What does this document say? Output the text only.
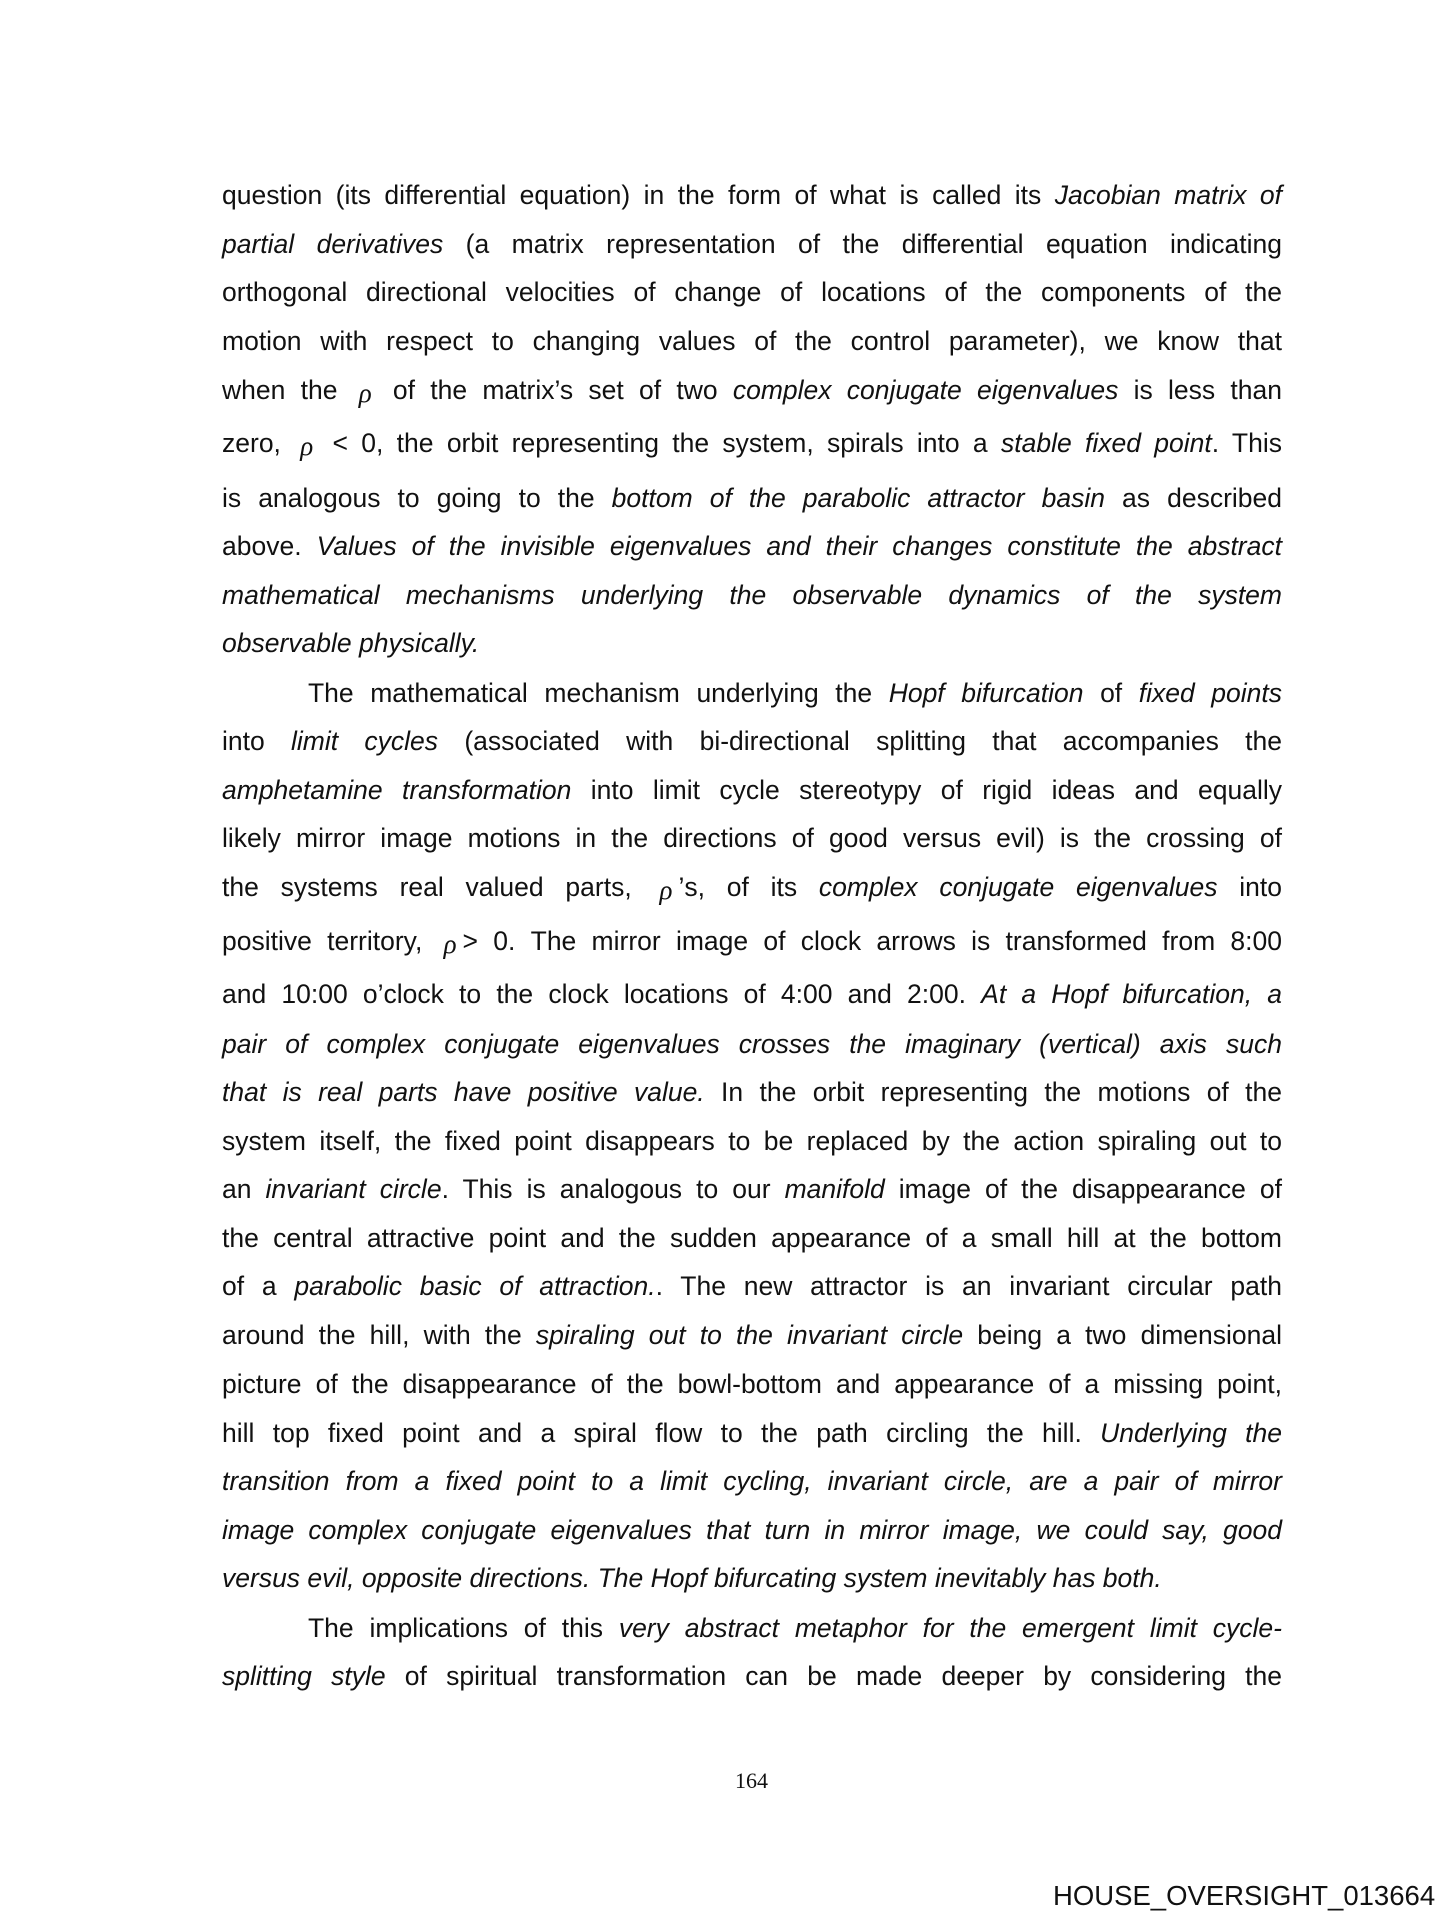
question (its differential equation) in the form of what is called its Jacobian matrix of
partial derivatives (a matrix representation of the differential equation indicating
orthogonal directional velocities of change of locations of the components of the
motion with respect to changing values of the control parameter), we know that
when the ρ of the matrix’s set of two complex conjugate eigenvalues is less than
zero, ρ < 0, the orbit representing the system, spirals into a stable fixed point. This
is analogous to going to the bottom of the parabolic attractor basin as described
above. Values of the invisible eigenvalues and their changes constitute the abstract
mathematical mechanisms underlying the observable dynamics of the system
observable physically.
The mathematical mechanism underlying the Hopf bifurcation of fixed points
into limit cycles (associated with bi-directional splitting that accompanies the
amphetamine transformation into limit cycle stereotypy of rigid ideas and equally
likely mirror image motions in the directions of good versus evil) is the crossing of
the systems real valued parts, ρ ’s, of its complex conjugate eigenvalues into
positive territory, ρ > 0. The mirror image of clock arrows is transformed from 8:00
and 10:00 o’clock to the clock locations of 4:00 and 2:00. At a Hopf bifurcation, a
pair of complex conjugate eigenvalues crosses the imaginary (vertical) axis such
that is real parts have positive value. In the orbit representing the motions of the
system itself, the fixed point disappears to be replaced by the action spiraling out to
an invariant circle. This is analogous to our manifold image of the disappearance of
the central attractive point and the sudden appearance of a small hill at the bottom
of a parabolic basic of attraction.. The new attractor is an invariant circular path
around the hill, with the spiraling out to the invariant circle being a two dimensional
picture of the disappearance of the bowl-bottom and appearance of a missing point,
hill top fixed point and a spiral flow to the path circling the hill. Underlying the
transition from a fixed point to a limit cycling, invariant circle, are a pair of mirror
image complex conjugate eigenvalues that turn in mirror image, we could say, good
versus evil, opposite directions. The Hopf bifurcating system inevitably has both.
The implications of this very abstract metaphor for the emergent limit cycle-
splitting style of spiritual transformation can be made deeper by considering the
164
HOUSE_OVERSIGHT_013664
